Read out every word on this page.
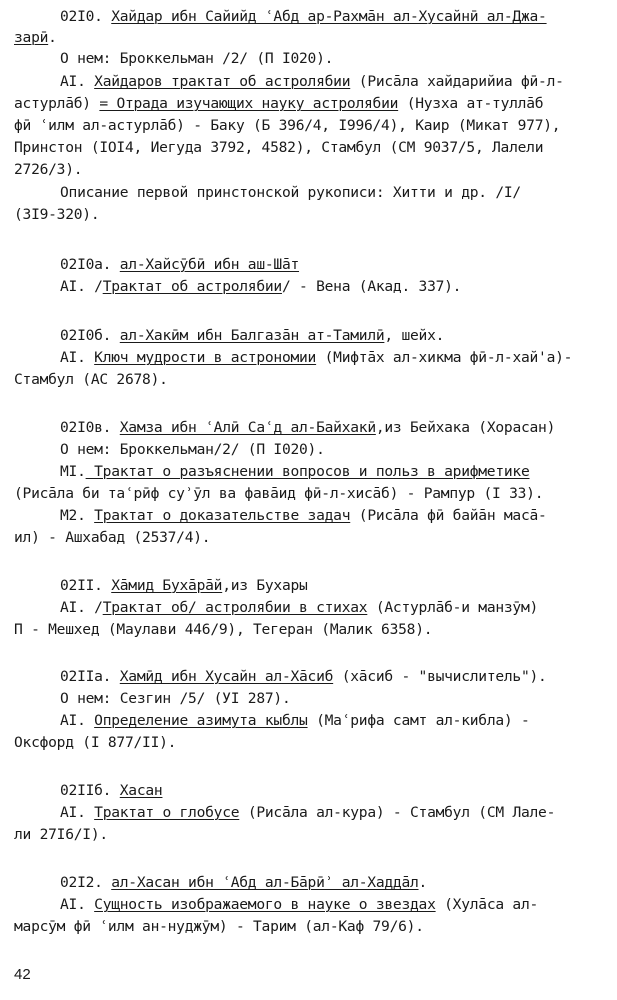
02I0. Хайдар ибн Сайийд ʿАбд ар-Рахмāн ал-Хусайнӣ ал-Джа-
зарӣ.
О нем: Броккельман /2/ (П I020).
AI. Хайдаров трактат об астролябии (Рисāла хайдарийиа фӣ-л-
астурлāб) = Отрада изучающих науку астролябии (Нузха ат-туллāб
фӣ ʿилм ал-астурлāб) - Баку (Б 396/4, I996/4), Каир (Микат 977),
Принстон (IOI4, Иегуда 3792, 4582), Стамбул (СМ 9037/5, Лалели
2726/3).
Описание первой принстонской рукописи: Хитти и др. /I/
(3I9-320).
02I0а. ал-Хайсӯбӣ ибн аш-Шāт
AI. /Трактат об астролябии/ - Вена (Акад. 337).
02I0б. ал-Хакӣм ибн Балгазāн ат-Тамилӣ, шейх.
AI. Ключ мудрости в астрономии (Мифтāх ал-хикма фӣ-л-хай'а)-
Стамбул (АС 2678).
02I0в. Хамза ибн ʿАлӣ Саʿд ал-Байхакӣ,из Бейхака (Хорасан)
О нем: Броккельман/2/ (П I020).
MI. Трактат о разъяснении вопросов и польз в арифметике
(Рисāла би таʿрӣф суʾӯл ва фавāид фӣ-л-хисāб) - Рампур (I 33).
M2. Трактат о доказательстве задач (Рисāла фӣ байāн масā-
ил) - Ашхабад (2537/4).
02II. Хāмид Бухāрāй,из Бухары
AI. /Трактат об/ астролябии в стихах (Астурлāб-и манзӯм)
П - Мешхед (Маулави 446/9), Тегеран (Малик 6358).
02IIа. Хамӣд ибн Хусайн ал-Хāсиб (хāсиб - "вычислитель").
О нем: Сезгин /5/ (УI 287).
AI. Определение азимута кыблы (Маʿрифа самт ал-кибла) -
Оксфорд (I 877/II).
02IIб. Хасан
AI. Трактат о глобусе (Рисāла ал-кура) - Стамбул (СМ Лале-
ли 27I6/I).
02I2. ал-Хасан ибн ʿАбд ал-Бāрӣʾ ал-Хаддāл.
AI. Сущность изображаемого в науке о звездах (Хулāса ал-
марсӯм фӣ ʿилм ан-нуджӯм) - Тарим (ал-Каф 79/6).
42
